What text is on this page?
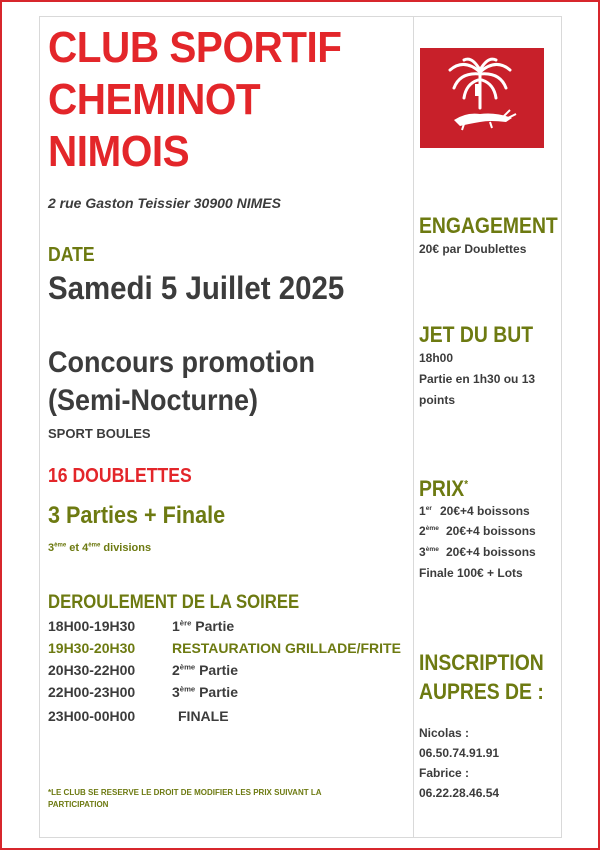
CLUB SPORTIF
CHEMINOT
NIMOIS
2 rue Gaston Teissier 30900 NIMES
DATE
Samedi 5 Juillet 2025
Concours promotion
(Semi-Nocturne)
SPORT BOULES
16 DOUBLETTES
3 Parties + Finale
3ème et 4ème divisions
DEROULEMENT DE LA SOIREE
18H00-19H30	1ère Partie
19H30-20H30	RESTAURATION GRILLADE/FRITE
20H30-22H00	2ème Partie
22H00-23H00	3ème Partie
23H00-00H00	FINALE
*LE CLUB SE RESERVE LE DROIT DE MODIFIER LES PRIX SUIVANT LA
PARTICIPATION
ENGAGEMENT
20€ par Doublettes
JET DU BUT
18h00
Partie en 1h30 ou 13
points
PRIX*
1er 20€+4 boissons
2ème 20€+4 boissons
3ème 20€+4 boissons
Finale 100€ + Lots
INSCRIPTION
AUPRES DE :
Nicolas :
06.50.74.91.91
Fabrice :
06.22.28.46.54
